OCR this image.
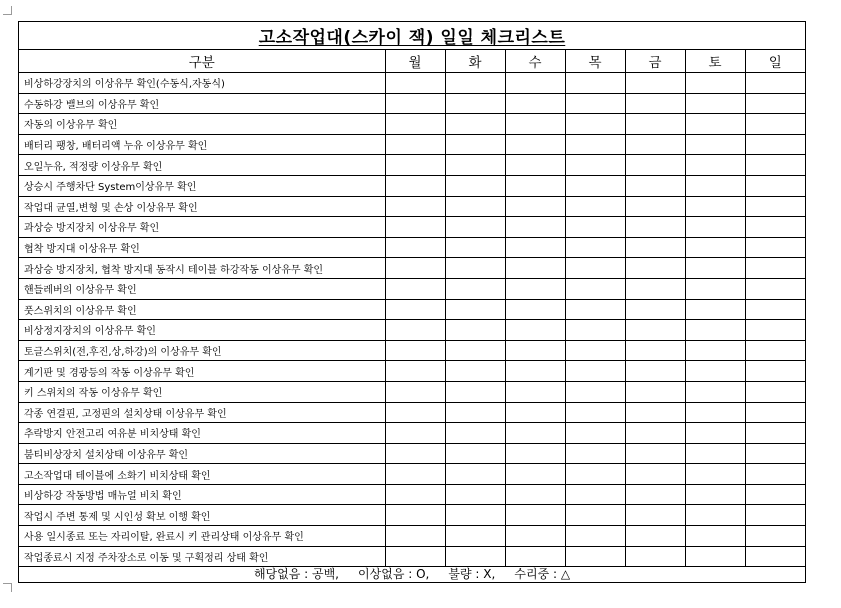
고소작업대(스카이 잭) 일일 체크리스트
구분	월	화	수	목	금	토	일
비상하강장치의 이상유무 확인(수동식,자동식)							
수동하강 밸브의 이상유무 확인							
자동의 이상유무 확인							
배터리 팽창, 배터리액 누유 이상유무 확인							
오일누유, 적정량 이상유무 확인							
상승시 주행차단 System이상유무 확인							
작업대 균열,변형 및 손상 이상유무 확인							
과상승 방지장치 이상유무 확인							
협착 방지대 이상유무 확인							
과상승 방지장치, 협착 방지대 동작시 테이블 하강작동 이상유무 확인							
핸들레버의 이상유무 확인							
풋스위치의 이상유무 확인							
비상정지장치의 이상유무 확인							
토글스위치(전,후진,상,하강)의 이상유무 확인							
계기판 및 경광등의 작동 이상유무 확인							
키 스위치의 작동 이상유무 확인							
각종 연결핀, 고정핀의 설치상태 이상유무 확인							
추락방지 안전고리 여유분 비치상태 확인							
붐티비상장치 설치상태 이상유무 확인							
고소작업대 테이블에 소화기 비치상태 확인							
비상하강 작동방법 매뉴얼 비치 확인							
작업시 주변 통제 및 시인성 확보 이행 확인							
사용 일시종료 또는 자리이탈, 완료시 키 관리상태 이상유무 확인							
작업종료시 지정 주차장소로 이동 및 구획정리 상태 확인							
해당없음 : 공백,     이상없음 : O,     불량 : X,     수리중 : △
